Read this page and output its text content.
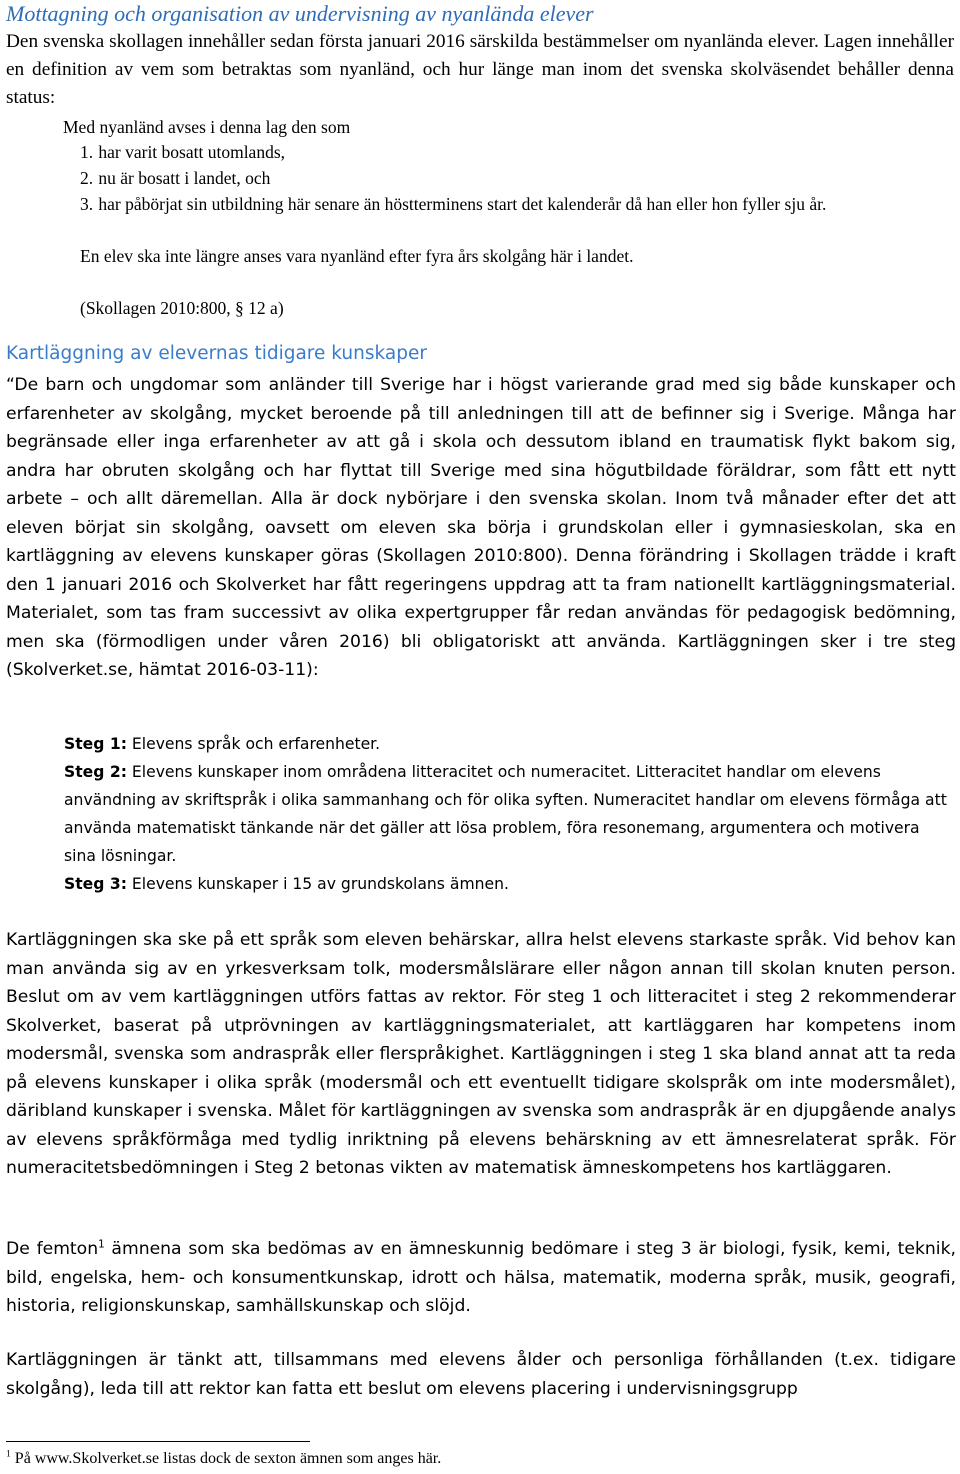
Mottagning och organisation av undervisning av nyanlända elever

Den svenska skollagen innehåller sedan första januari 2016 särskilda bestämmelser om nyanlända elever. Lagen innehåller en definition av vem som betraktas som nyanländ, och hur länge man inom det svenska skolväsendet behåller denna status:

Med nyanländ avses i denna lag den som

1. har varit bosatt utomlands,
2. nu är bosatt i landet, och
3. har påbörjat sin utbildning här senare än höstterminens start det kalenderår då han eller hon fyller sju år.

En elev ska inte längre anses vara nyanländ efter fyra års skolgång här i landet.

(Skollagen 2010:800, § 12 a)

Kartläggning av elevernas tidigare kunskaper

“De barn och ungdomar som anländer till Sverige har i högst varierande grad med sig både kunskaper och erfarenheter av skolgång, mycket beroende på till anledningen till att de befinner sig i Sverige. Många har begränsade eller inga erfarenheter av att gå i skola och dessutom ibland en traumatisk flykt bakom sig, andra har obruten skolgång och har flyttat till Sverige med sina högutbildade föräldrar, som fått ett nytt arbete – och allt däremellan. Alla är dock nybörjare i den svenska skolan. Inom två månader efter det att eleven börjat sin skolgång, oavsett om eleven ska börja i grundskolan eller i gymnasieskolan, ska en kartläggning av elevens kunskaper göras (Skollagen 2010:800). Denna förändring i Skollagen trädde i kraft den 1 januari 2016 och Skolverket har fått regeringens uppdrag att ta fram nationellt kartläggningsmaterial. Materialet, som tas fram successivt av olika expertgrupper får redan användas för pedagogisk bedömning, men ska (förmodligen under våren 2016) bli obligatoriskt att använda. Kartläggningen sker i tre steg (Skolverket.se, hämtat 2016-03-11):

Steg 1: Elevens språk och erfarenheter.

Steg 2: Elevens kunskaper inom områdena litteracitet och numeracitet. Litteracitet handlar om elevens användning av skriftspråk i olika sammanhang och för olika syften. Numeracitet handlar om elevens förmåga att använda matematiskt tänkande när det gäller att lösa problem, föra resonemang, argumentera och motivera sina lösningar.

Steg 3: Elevens kunskaper i 15 av grundskolans ämnen.

Kartläggningen ska ske på ett språk som eleven behärskar, allra helst elevens starkaste språk. Vid behov kan man använda sig av en yrkesverksam tolk, modersmålslärare eller någon annan till skolan knuten person. Beslut om av vem kartläggningen utförs fattas av rektor. För steg 1 och litteracitet i steg 2 rekommenderar Skolverket, baserat på utprövningen av kartläggningsmaterialet, att kartläggaren har kompetens inom modersmål, svenska som andraspråk eller flerspråkighet. Kartläggningen i steg 1 ska bland annat att ta reda på elevens kunskaper i olika språk (modersmål och ett eventuellt tidigare skolspråk om inte modersmålet), däribland kunskaper i svenska. Målet för kartläggningen av svenska som andraspråk är en djupgående analys av elevens språkförmåga med tydlig inriktning på elevens behärskning av ett ämnesrelaterat språk. För numeracitetsbedömningen i Steg 2 betonas vikten av matematisk ämneskompetens hos kartläggaren.

De femton$^1$ ämnena som ska bedömas av en ämneskunnig bedömare i steg 3 är biologi, fysik, kemi, teknik, bild, engelska, hem- och konsumentkunskap, idrott och hälsa, matematik, moderna språk, musik, geografi, historia, religionskunskap, samhällskunskap och slöjd.

Kartläggningen är tänkt att, tillsammans med elevens ålder och personliga förhållanden (t.ex. tidigare skolgång), leda till att rektor kan fatta ett beslut om elevens placering i undervisningsgrupp

$^1$ På www.Skolverket.se listas dock de sexton ämnen som anges här.
